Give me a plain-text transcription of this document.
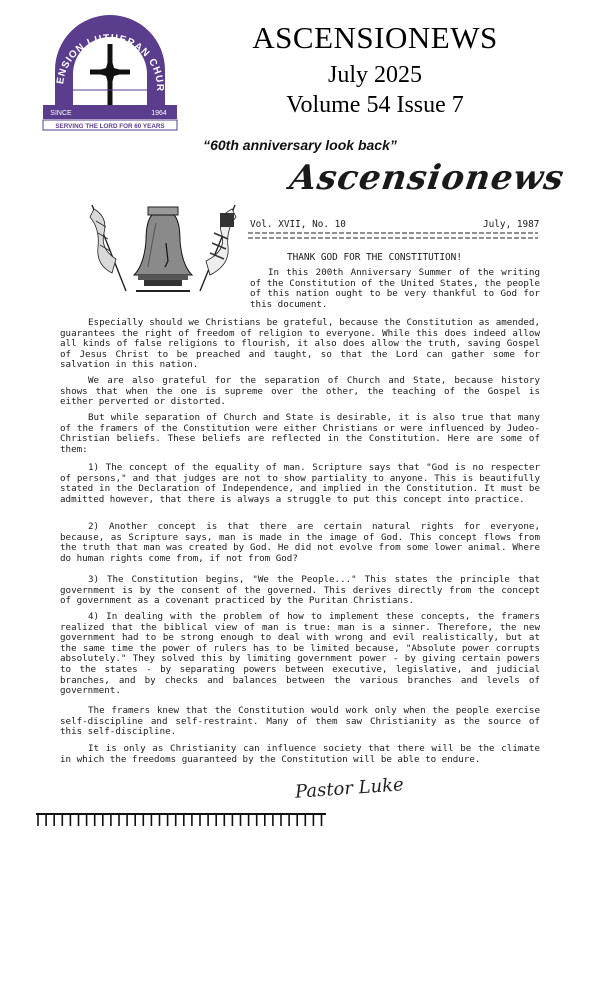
ENSION LUTHERAN CHUR
SINCE	1964
SERVING THE LORD FOR 60 YEARS
ASCENSIONEWS
July 2025
Volume 54 Issue 7
“60th anniversary look back”
Ascensionews
Vol. XVII, No. 10	July, 1987
THANK GOD FOR THE CONSTITUTION!
In this 200th Anniversary Summer of the writing of the Constitution of the United States, the people of this nation ought to be very thankful to God for this document.
Especially should we Christians be grateful, because the Constitution as amended, guarantees the right of freedom of religion to everyone. While this does indeed allow all kinds of false religions to flourish, it also does allow the truth, saving Gospel of Jesus Christ to be preached and taught, so that the Lord can gather some for salvation in this nation.
We are also grateful for the separation of Church and State, because history shows that when the one is supreme over the other, the teaching of the Gospel is either perverted or distorted.
But while separation of Church and State is desirable, it is also true that many of the framers of the Constitution were either Christians or were influenced by Judeo-Christian beliefs. These beliefs are reflected in the Constitution. Here are some of them:
1) The concept of the equality of man. Scripture says that "God is no respecter of persons," and that judges are not to show partiality to anyone. This is beautifully stated in the Declaration of Independence, and implied in the Constitution. It must be admitted however, that there is always a struggle to put this concept into practice.
2) Another concept is that there are certain natural rights for everyone, because, as Scripture says, man is made in the image of God. This concept flows from the truth that man was created by God. He did not evolve from some lower animal. Where do human rights come from, if not from God?
3) The Constitution begins, "We the People..." This states the principle that government is by the consent of the governed. This derives directly from the concept of government as a covenant practiced by the Puritan Christians.
4) In dealing with the problem of how to implement these concepts, the framers realized that the biblical view of man is true: man is a sinner. Therefore, the new government had to be strong enough to deal with wrong and evil realistically, but at the same time the power of rulers has to be limited because, "Absolute power corrupts absolutely." They solved this by limiting government power - by giving certain powers to the states - by separating powers between executive, legislative, and judicial branches, and by checks and balances between the various branches and levels of government.
The framers knew that the Constitution would work only when the people exercise self-discipline and self-restraint. Many of them saw Christianity as the source of this self-discipline.
It is only as Christianity can influence society that there will be the climate in which the freedoms guaranteed by the Constitution will be able to endure.
Pastor Luke
